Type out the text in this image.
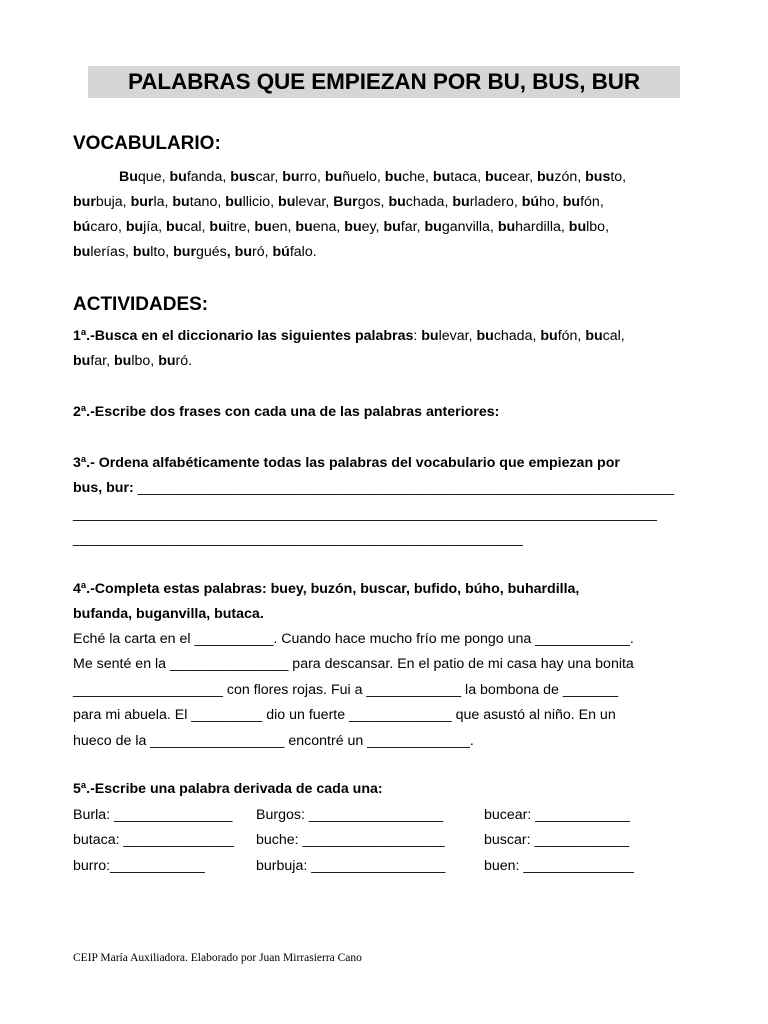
PALABRAS QUE EMPIEZAN POR BU, BUS, BUR
VOCABULARIO:
Buque, bufanda, buscar, burro, buñuelo, buche, butaca, bucear, buzón, busto,
burbuja, burla, butano, bullicio, bulevar, Burgos, buchada, burladero, búho, bufón,
búcaro, bujía, bucal, buitre, buen, buena, buey, bufar, buganvilla, buhardilla, bulbo,
bulerías, bulto, burgués, buró, búfalo.
ACTIVIDADES:
1ª.-Busca en el diccionario las siguientes palabras: bulevar, buchada, bufón, bucal,
bufar, bulbo, buró.
2ª.-Escribe dos frases con cada una de las palabras anteriores:
3ª.- Ordena alfabéticamente todas las palabras del vocabulario que empiezan por
bus, bur: ____________________________________________________________________
__________________________________________________________________________
_________________________________________________________
4ª.-Completa estas palabras: buey, buzón, buscar, bufido, búho, buhardilla,
bufanda, buganvilla, butaca.
Eché la carta en el __________. Cuando hace mucho frío me pongo una ____________.
Me senté en la _______________ para descansar. En el patio de mi casa hay una bonita
___________________ con flores rojas. Fui a ____________ la bombona de _______
para mi abuela. El _________ dio un fuerte _____________ que asustó al niño. En un
hueco de la _________________ encontré un _____________.
5ª.-Escribe una palabra derivada de cada una:
Burla: _______________ Burgos: _________________	bucear: ____________
butaca: ______________ buche: __________________	buscar: ____________
burro:____________	burbuja: _________________	buen: ______________
CEIP María Auxiliadora. Elaborado por Juan Mirrasierra Cano
